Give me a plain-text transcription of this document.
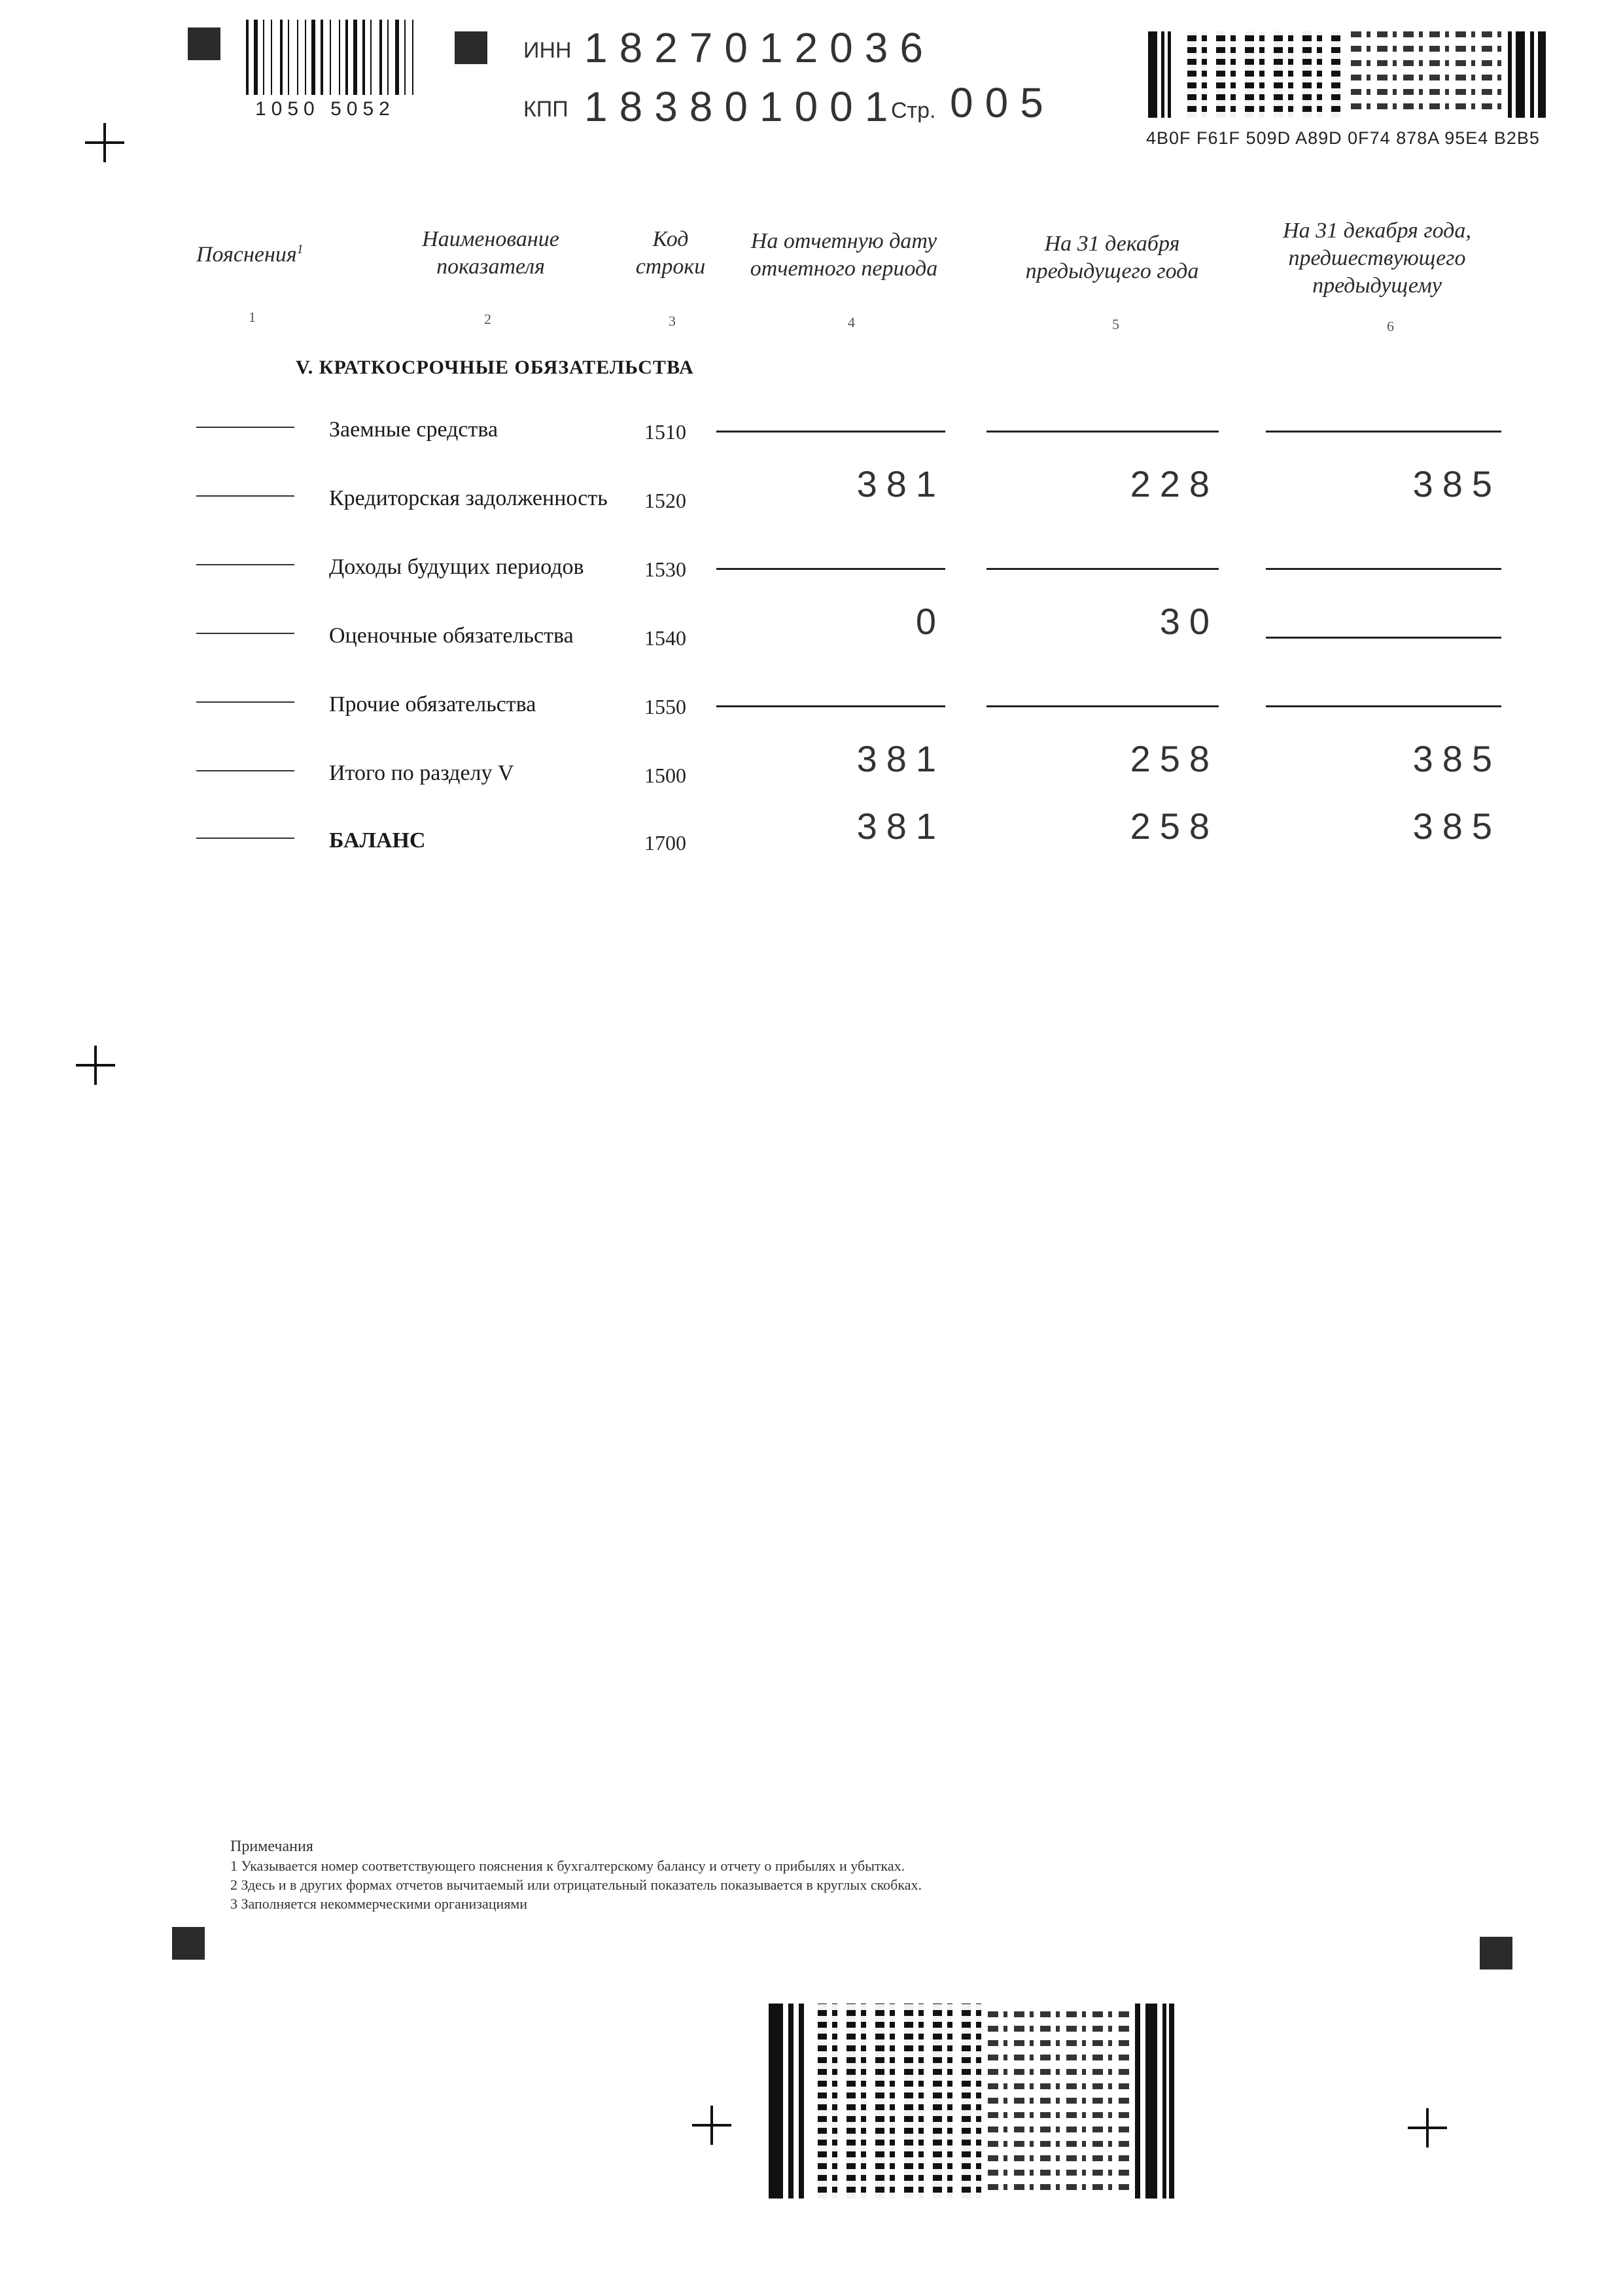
1050 5052
ИНН 1827012036
КПП 183801001
Стр. 005
4B0F F61F 509D A89D 0F74 878A 95E4 B2B5
Пояснения$^1$	Наименование
показателя
Код
строки
На отчетную дату
отчетного периода
На 31 декабря
предыдущего года
На 31 декабря года,
предшествующего
предыдущему
1	2	3	4	5	6
V. КРАТКОСРОЧНЫЕ ОБЯЗАТЕЛЬСТВА
Заемные средства	1510
Кредиторская задолженность 1520	381	228	385
Доходы будущих периодов	1530
Оценочные обязательства	1540	0	30
Прочие обязательства	1550
Итого по разделу V	1500	381	258	385
БАЛАНС	1700	381	258	385
Примечания
1 Указывается номер соответствующего пояснения к бухгалтерскому балансу и отчету о прибылях и убытках.
2 Здесь и в других формах отчетов вычитаемый или отрицательный показатель показывается в круглых скобках.
3 Заполняется некоммерческими организациями
